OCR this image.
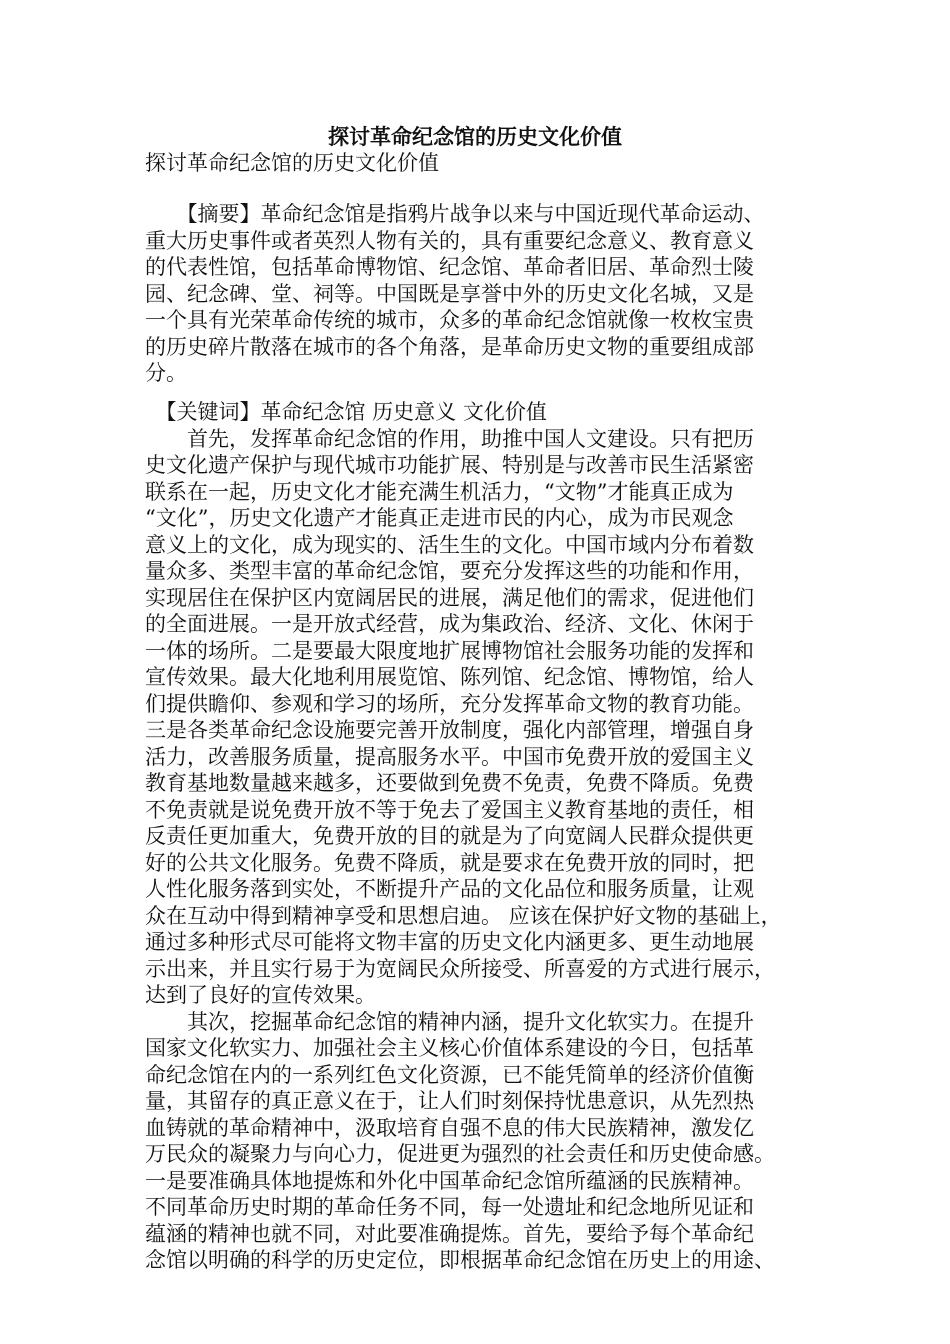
探讨革命纪念馆的历史文化价值
探讨革命纪念馆的历史文化价值
　　【摘要】革命纪念馆是指鸦片战争以来与中国近现代革命运动、
重大历史事件或者英烈人物有关的，具有重要纪念意义、教育意义
的代表性馆，包括革命博物馆、纪念馆、革命者旧居、革命烈士陵
园、纪念碑、堂、祠等。中国既是享誉中外的历史文化名城，又是
一个具有光荣革命传统的城市，众多的革命纪念馆就像一枚枚宝贵
的历史碎片散落在城市的各个角落，是革命历史文物的重要组成部
分。
　【关键词】革命纪念馆 历史意义 文化价值
　　首先，发挥革命纪念馆的作用，助推中国人文建设。只有把历
史文化遗产保护与现代城市功能扩展、特别是与改善市民生活紧密
联系在一起，历史文化才能充满生机活力，“文物”才能真正成为
“文化”，历史文化遗产才能真正走进市民的内心，成为市民观念
意义上的文化，成为现实的、活生生的文化。中国市域内分布着数
量众多、类型丰富的革命纪念馆，要充分发挥这些的功能和作用，
实现居住在保护区内宽阔居民的进展，满足他们的需求，促进他们
的全面进展。一是开放式经营，成为集政治、经济、文化、休闲于
一体的场所。二是要最大限度地扩展博物馆社会服务功能的发挥和
宣传效果。最大化地利用展览馆、陈列馆、纪念馆、博物馆，给人
们提供瞻仰、参观和学习的场所，充分发挥革命文物的教育功能。
三是各类革命纪念设施要完善开放制度，强化内部管理，增强自身
活力，改善服务质量，提高服务水平。中国市免费开放的爱国主义
教育基地数量越来越多，还要做到免费不免责，免费不降质。免费
不免责就是说免费开放不等于免去了爱国主义教育基地的责任，相
反责任更加重大，免费开放的目的就是为了向宽阔人民群众提供更
好的公共文化服务。免费不降质，就是要求在免费开放的同时，把
人性化服务落到实处，不断提升产品的文化品位和服务质量，让观
众在互动中得到精神享受和思想启迪。 应该在保护好文物的基础上，
通过多种形式尽可能将文物丰富的历史文化内涵更多、更生动地展
示出来，并且实行易于为宽阔民众所接受、所喜爱的方式进行展示，
达到了良好的宣传效果。
　　其次，挖掘革命纪念馆的精神内涵，提升文化软实力。在提升
国家文化软实力、加强社会主义核心价值体系建设的今日，包括革
命纪念馆在内的一系列红色文化资源，已不能凭简单的经济价值衡
量，其留存的真正意义在于，让人们时刻保持忧患意识，从先烈热
血铸就的革命精神中，汲取培育自强不息的伟大民族精神，激发亿
万民众的凝聚力与向心力，促进更为强烈的社会责任和历史使命感。
一是要准确具体地提炼和外化中国革命纪念馆所蕴涵的民族精神。
不同革命历史时期的革命任务不同，每一处遗址和纪念地所见证和
蕴涵的精神也就不同，对此要准确提炼。首先，要给予每个革命纪
念馆以明确的科学的历史定位，即根据革命纪念馆在历史上的用途、
